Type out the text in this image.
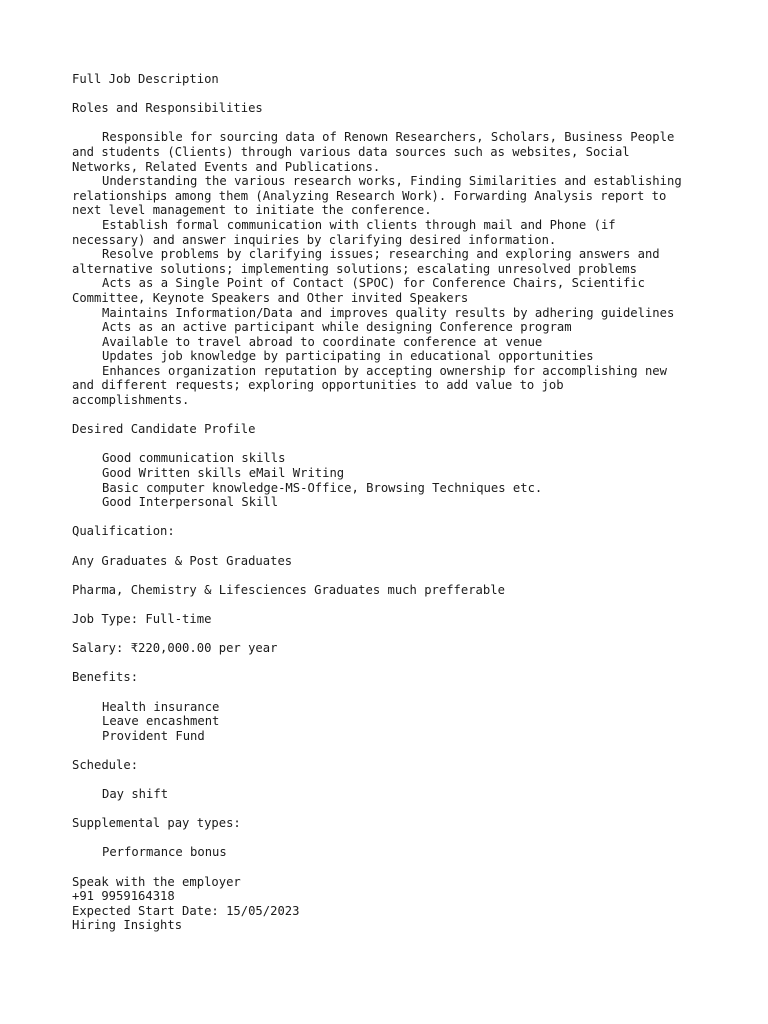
Full Job Description
Roles and Responsibilities
Responsible for sourcing data of Renown Researchers, Scholars, Business People
and students (Clients) through various data sources such as websites, Social
Networks, Related Events and Publications.
Understanding the various research works, Finding Similarities and establishing
relationships among them (Analyzing Research Work). Forwarding Analysis report to
next level management to initiate the conference.
Establish formal communication with clients through mail and Phone (if
necessary) and answer inquiries by clarifying desired information.
Resolve problems by clarifying issues; researching and exploring answers and
alternative solutions; implementing solutions; escalating unresolved problems
Acts as a Single Point of Contact (SPOC) for Conference Chairs, Scientific
Committee, Keynote Speakers and Other invited Speakers
Maintains Information/Data and improves quality results by adhering guidelines
Acts as an active participant while designing Conference program
Available to travel abroad to coordinate conference at venue
Updates job knowledge by participating in educational opportunities
Enhances organization reputation by accepting ownership for accomplishing new
and different requests; exploring opportunities to add value to job
accomplishments.
Desired Candidate Profile
Good communication skills
Good Written skills eMail Writing
Basic computer knowledge-MS-Office, Browsing Techniques etc.
Good Interpersonal Skill
Qualification:
Any Graduates & Post Graduates
Pharma, Chemistry & Lifesciences Graduates much prefferable
Job Type: Full-time
Salary: ₹220,000.00 per year
Benefits:
Health insurance
Leave encashment
Provident Fund
Schedule:
Day shift
Supplemental pay types:
Performance bonus
Speak with the employer
+91 9959164318
Expected Start Date: 15/05/2023
Hiring Insights
